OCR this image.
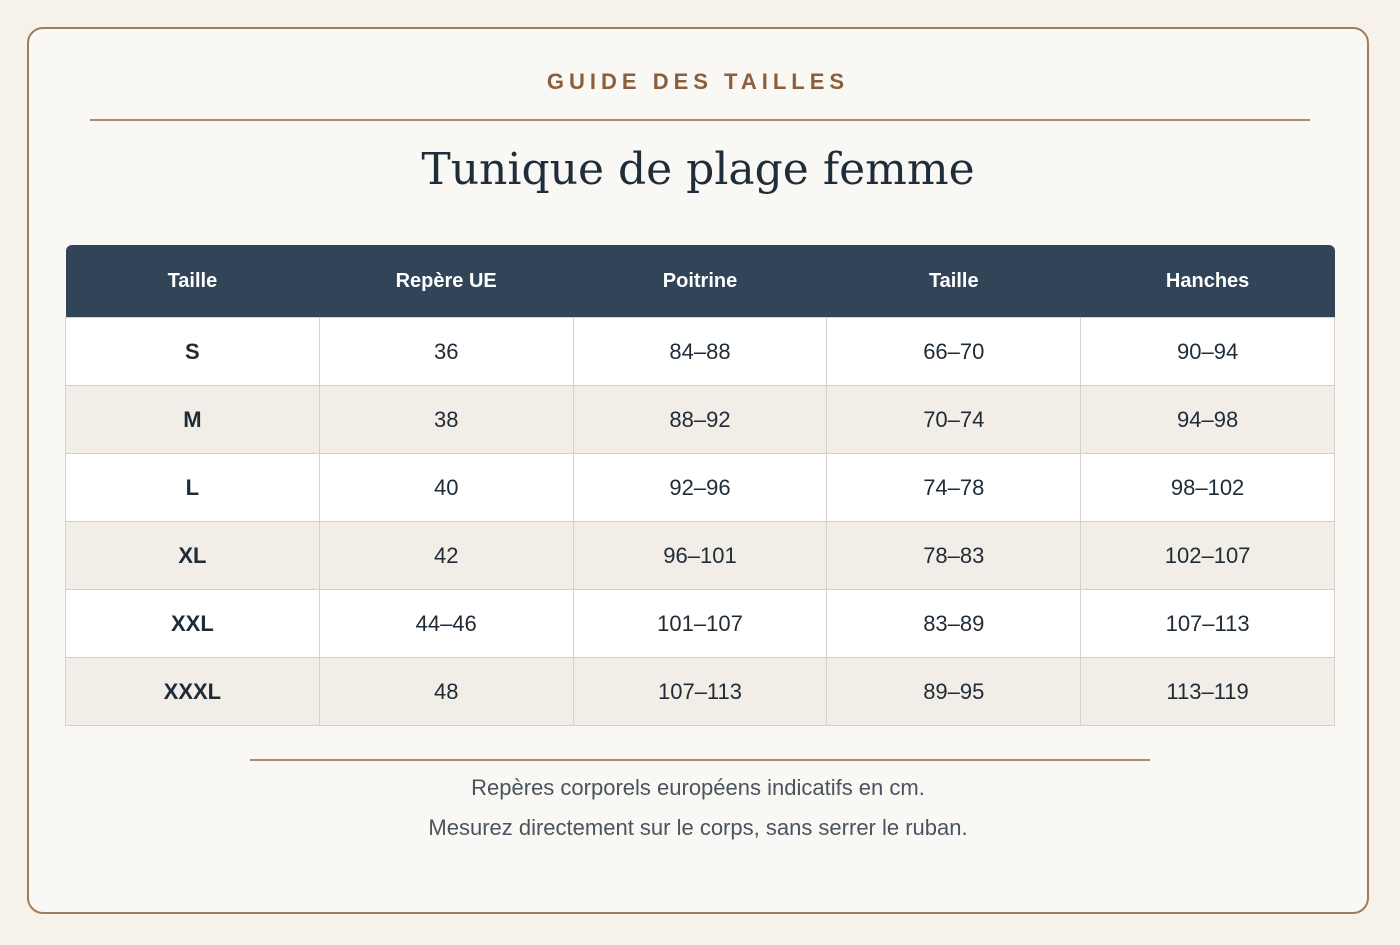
GUIDE DES TAILLES
Tunique de plage femme
Taille	Repère UE	Poitrine	Taille	Hanches
S	36	84–88	66–70	90–94
M	38	88–92	70–74	94–98
L	40	92–96	74–78	98–102
XL	42	96–101	78–83	102–107
XXL	44–46	101–107	83–89	107–113
XXXL	48	107–113	89–95	113–119
Repères corporels européens indicatifs en cm.
Mesurez directement sur le corps, sans serrer le ruban.
